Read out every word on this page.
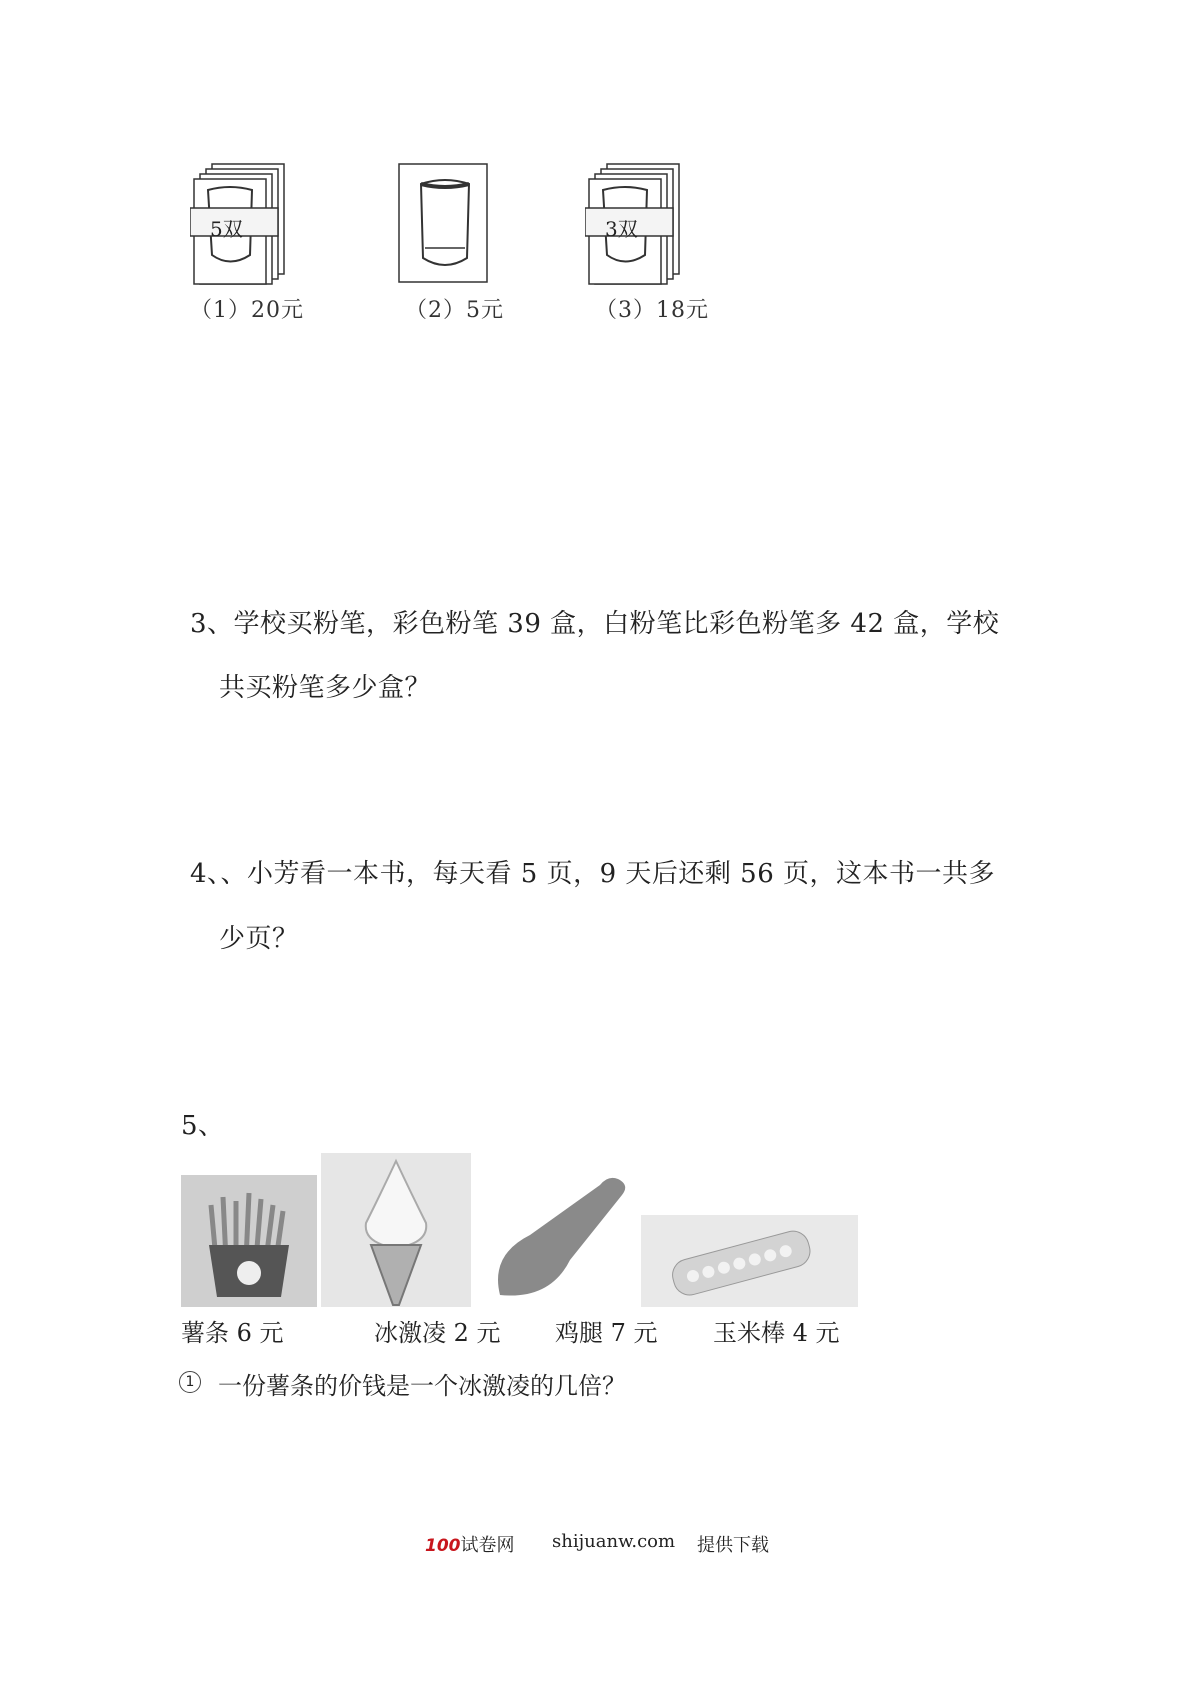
5双	3双
（1）20元	（2）5元	（3）18元
3、学校买粉笔，彩色粉笔 39 盒，白粉笔比彩色粉笔多 42 盒，学校
共买粉笔多少盒？
4、、小芳看一本书，每天看 5 页，9 天后还剩 56 页，这本书一共多
少页？
5、
薯条 6 元	冰激凌 2 元 鸡腿 7 元 玉米棒 4 元
1 一份薯条的价钱是一个冰激凌的几倍？
100试卷网 shijuanw.com 提供下载
